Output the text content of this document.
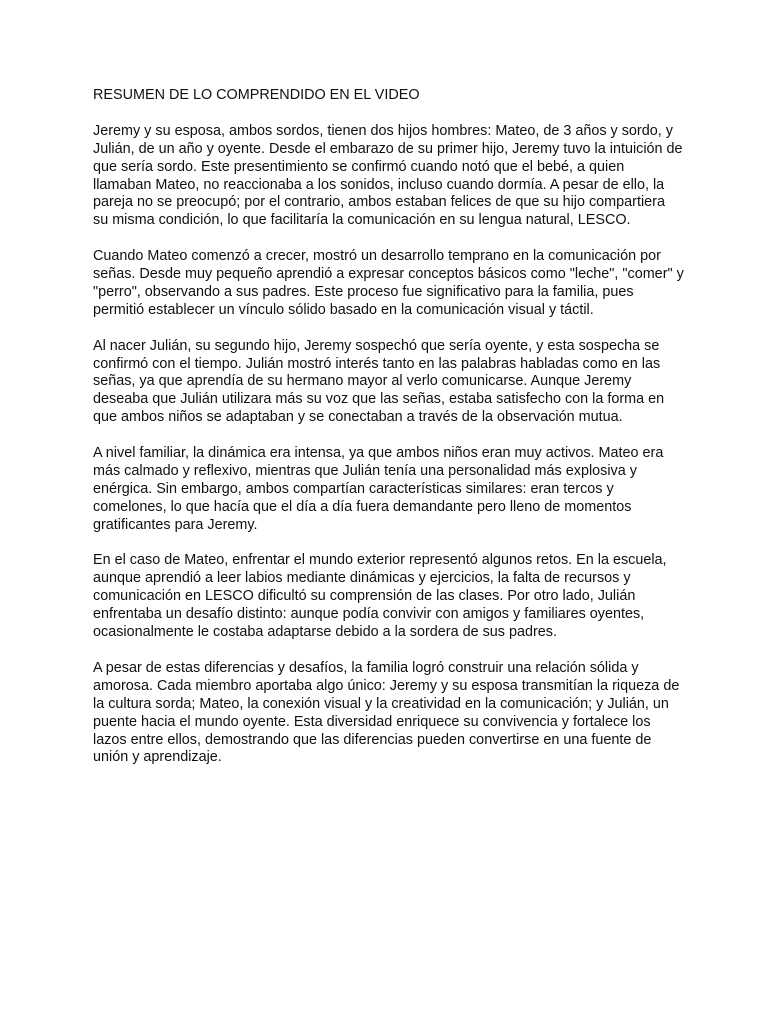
RESUMEN DE LO COMPRENDIDO EN EL VIDEO
Jeremy y su esposa, ambos sordos, tienen dos hijos hombres: Mateo, de 3 años y sordo, y
Julián, de un año y oyente. Desde el embarazo de su primer hijo, Jeremy tuvo la intuición de
que sería sordo. Este presentimiento se confirmó cuando notó que el bebé, a quien
llamaban Mateo, no reaccionaba a los sonidos, incluso cuando dormía. A pesar de ello, la
pareja no se preocupó; por el contrario, ambos estaban felices de que su hijo compartiera
su misma condición, lo que facilitaría la comunicación en su lengua natural, LESCO.
Cuando Mateo comenzó a crecer, mostró un desarrollo temprano en la comunicación por
señas. Desde muy pequeño aprendió a expresar conceptos básicos como "leche", "comer" y
"perro", observando a sus padres. Este proceso fue significativo para la familia, pues
permitió establecer un vínculo sólido basado en la comunicación visual y táctil.
Al nacer Julián, su segundo hijo, Jeremy sospechó que sería oyente, y esta sospecha se
confirmó con el tiempo. Julián mostró interés tanto en las palabras habladas como en las
señas, ya que aprendía de su hermano mayor al verlo comunicarse. Aunque Jeremy
deseaba que Julián utilizara más su voz que las señas, estaba satisfecho con la forma en
que ambos niños se adaptaban y se conectaban a través de la observación mutua.
A nivel familiar, la dinámica era intensa, ya que ambos niños eran muy activos. Mateo era
más calmado y reflexivo, mientras que Julián tenía una personalidad más explosiva y
enérgica. Sin embargo, ambos compartían características similares: eran tercos y
comelones, lo que hacía que el día a día fuera demandante pero lleno de momentos
gratificantes para Jeremy.
En el caso de Mateo, enfrentar el mundo exterior representó algunos retos. En la escuela,
aunque aprendió a leer labios mediante dinámicas y ejercicios, la falta de recursos y
comunicación en LESCO dificultó su comprensión de las clases. Por otro lado, Julián
enfrentaba un desafío distinto: aunque podía convivir con amigos y familiares oyentes,
ocasionalmente le costaba adaptarse debido a la sordera de sus padres.
A pesar de estas diferencias y desafíos, la familia logró construir una relación sólida y
amorosa. Cada miembro aportaba algo único: Jeremy y su esposa transmitían la riqueza de
la cultura sorda; Mateo, la conexión visual y la creatividad en la comunicación; y Julián, un
puente hacia el mundo oyente. Esta diversidad enriquece su convivencia y fortalece los
lazos entre ellos, demostrando que las diferencias pueden convertirse en una fuente de
unión y aprendizaje.
